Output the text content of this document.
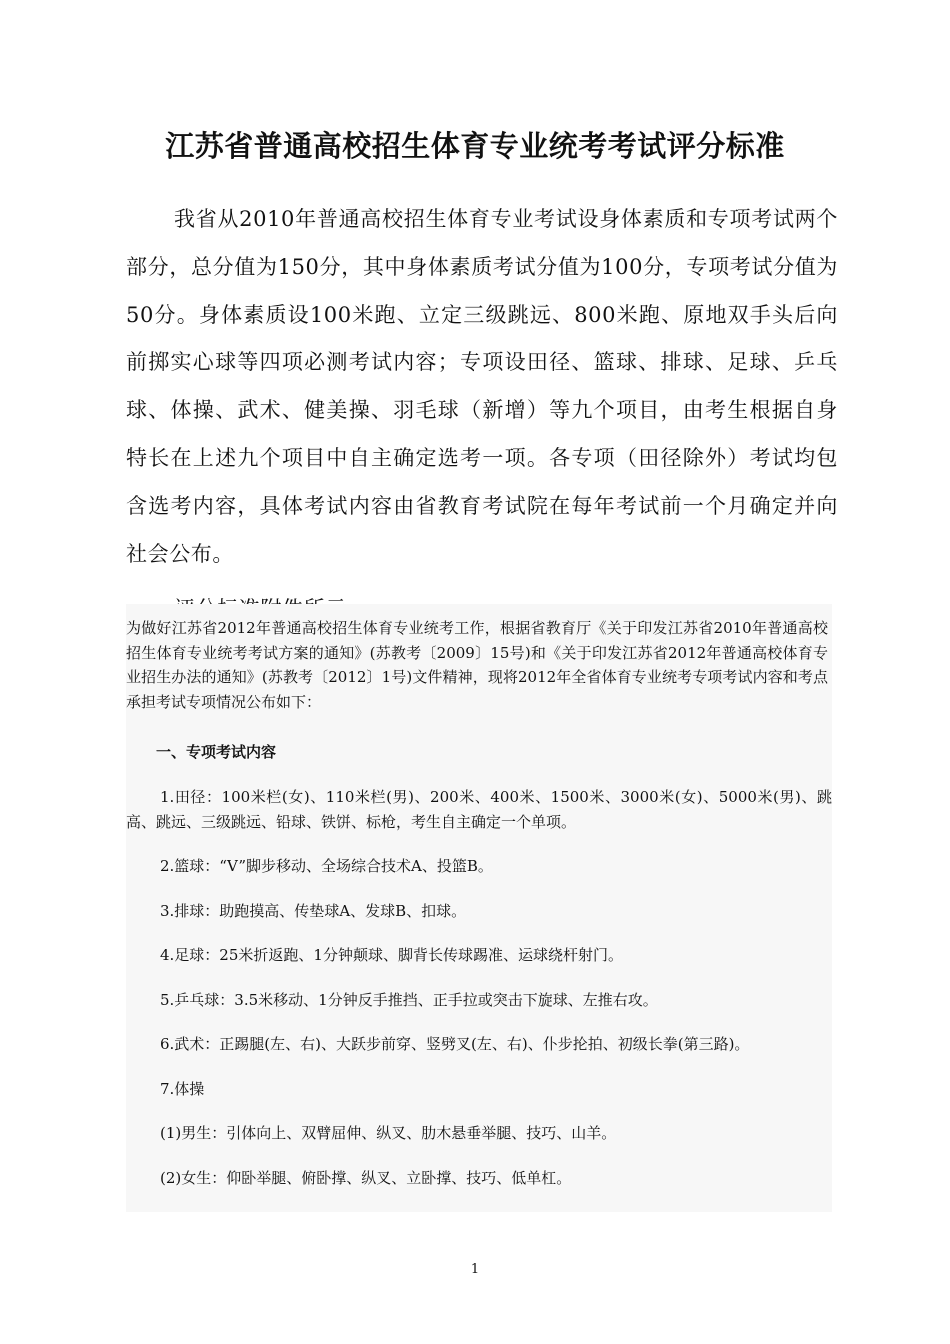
江苏省普通高校招生体育专业统考考试评分标准

我省从2010年普通高校招生体育专业考试设身体素质和专项考试两个部分，总分值为150分，其中身体素质考试分值为100分，专项考试分值为50分。身体素质设100米跑、立定三级跳远、800米跑、原地双手头后向前掷实心球等四项必测考试内容；专项设田径、篮球、排球、足球、乒乓球、体操、武术、健美操、羽毛球（新增）等九个项目，由考生根据自身特长在上述九个项目中自主确定选考一项。各专项（田径除外）考试均包含选考内容，具体考试内容由省教育考试院在每年考试前一个月确定并向社会公布。

为做好江苏省2012年普通高校招生体育专业统考工作，根据省教育厅《关于印发江苏省2010年普通高校招生体育专业统考考试方案的通知》(苏教考〔2009〕15号)和《关于印发江苏省2012年普通高校体育专业招生办法的通知》(苏教考〔2012〕1号)文件精神，现将2012年全省体育专业统考专项考试内容和考点承担考试专项情况公布如下：

一、专项考试内容

1.田径：100米栏(女)、110米栏(男)、200米、400米、1500米、3000米(女)、5000米(男)、跳高、跳远、三级跳远、铅球、铁饼、标枪，考生自主确定一个单项。

2.篮球：“V”脚步移动、全场综合技术A、投篮B。

3.排球：助跑摸高、传垫球A、发球B、扣球。

4.足球：25米折返跑、1分钟颠球、脚背长传球踢准、运球绕杆射门。

5.乒乓球：3.5米移动、1分钟反手推挡、正手拉或突击下旋球、左推右攻。

6.武术：正踢腿(左、右)、大跃步前穿、竖劈叉(左、右)、仆步抡拍、初级长拳(第三路)。

7.体操

(1)男生：引体向上、双臂屈伸、纵叉、肋木悬垂举腿、技巧、山羊。

(2)女生：仰卧举腿、俯卧撑、纵叉、立卧撑、技巧、低单杠。

1
